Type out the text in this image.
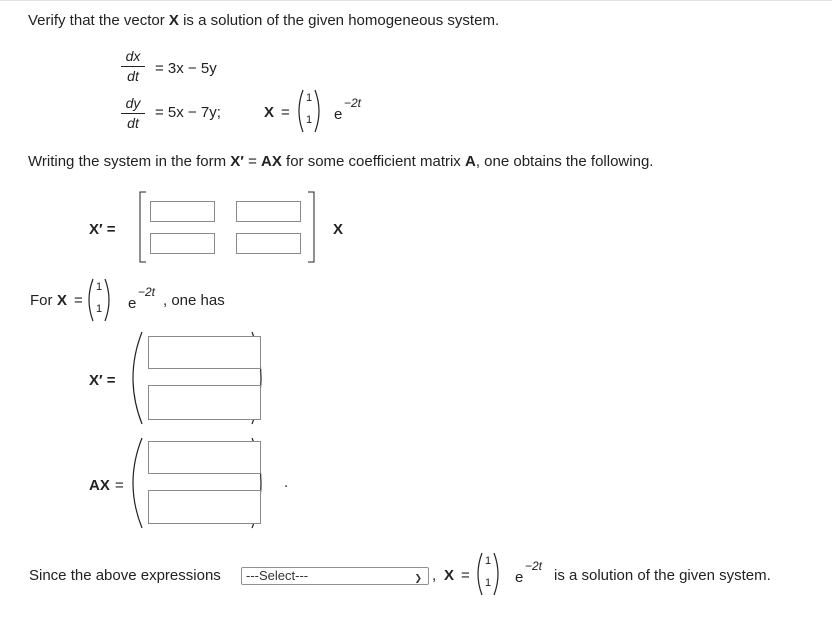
Verify that the vector X is a solution of the given homogeneous system.
dx
dt	= 3x − 5y
dy
dt
= 5x − 7y;	X =
1
1 e
−2t
Writing the system in the form X′ = AX for some coefficient matrix A, one obtains the following.
X′ =	X
For X =
1
1 e
−2t , one has
X′ =
AX =	.
Since the above expressions	---Select---	❯ , X =
1
1 e
−2t
is a solution of the given system.
